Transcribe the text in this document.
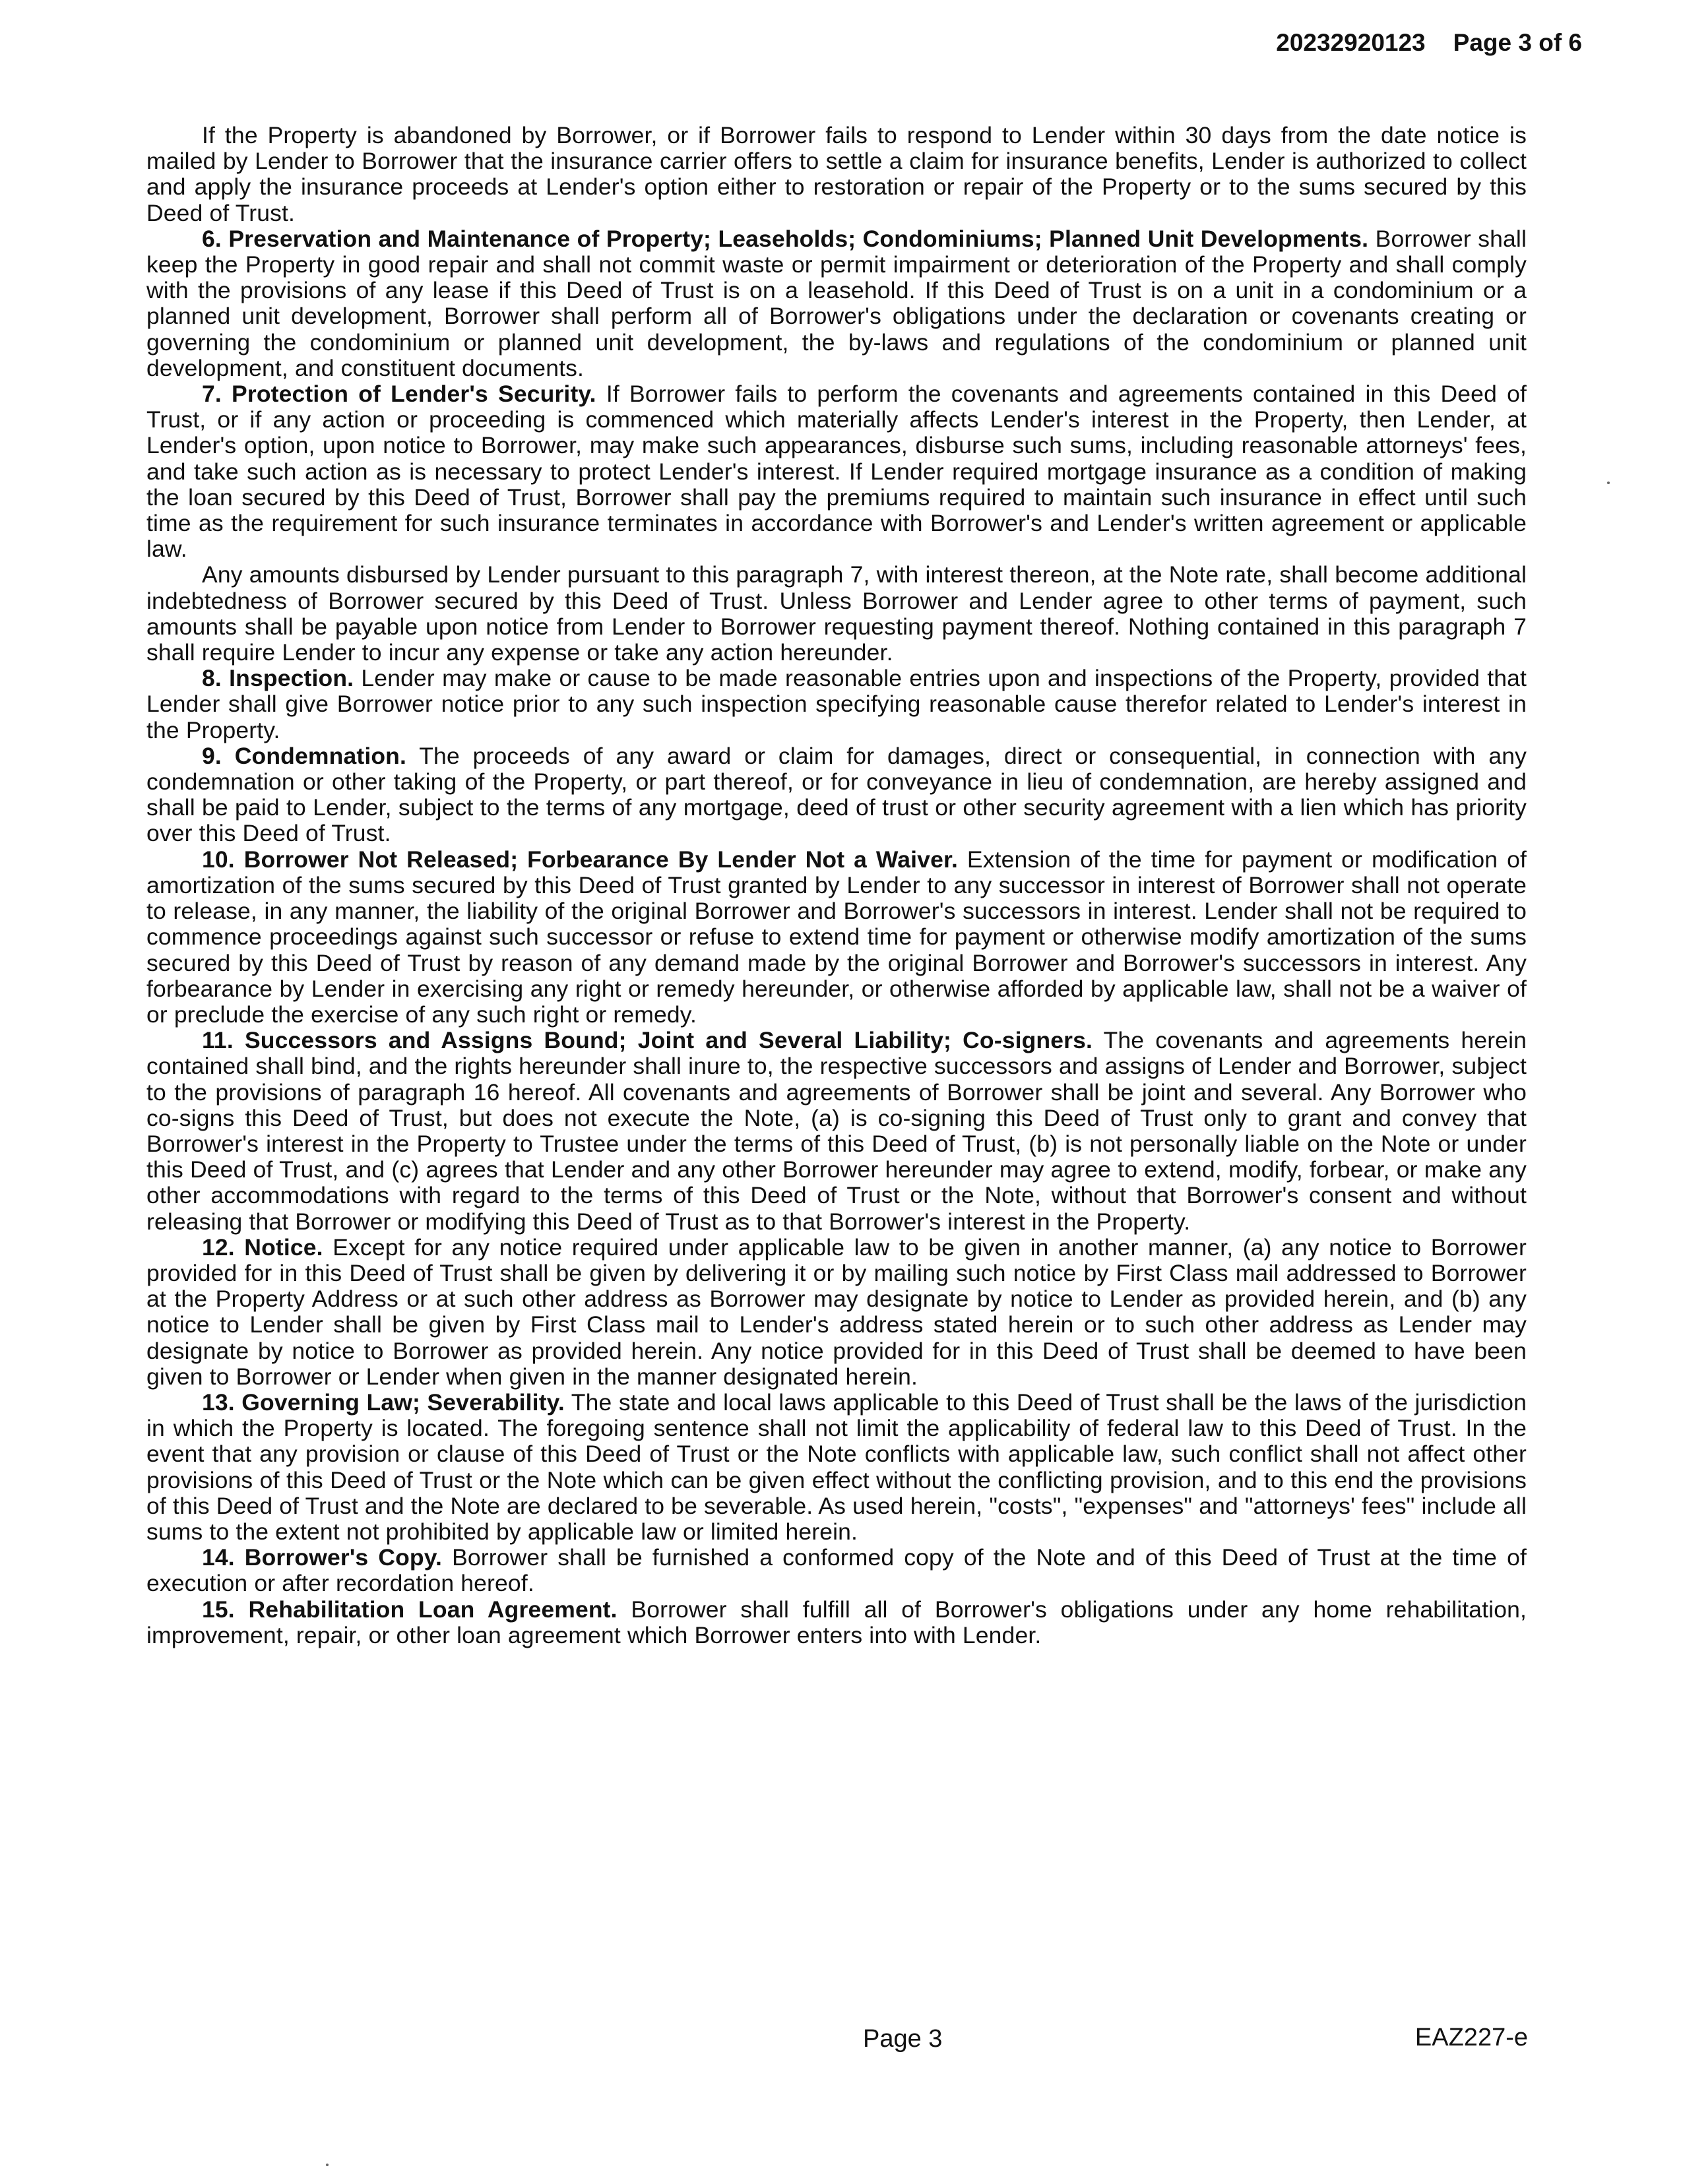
20232920123 Page 3 of 6

If the Property is abandoned by Borrower, or if Borrower fails to respond to Lender within 30 days from the date notice is mailed by Lender to Borrower that the insurance carrier offers to settle a claim for insurance benefits, Lender is authorized to collect and apply the insurance proceeds at Lender's option either to restoration or repair of the Property or to the sums secured by this Deed of Trust.

6. Preservation and Maintenance of Property; Leaseholds; Condominiums; Planned Unit Developments. Borrower shall keep the Property in good repair and shall not commit waste or permit impairment or deterioration of the Property and shall comply with the provisions of any lease if this Deed of Trust is on a leasehold. If this Deed of Trust is on a unit in a condominium or a planned unit development, Borrower shall perform all of Borrower's obligations under the declaration or covenants creating or governing the condominium or planned unit development, the by-laws and regulations of the condominium or planned unit development, and constituent documents.

7. Protection of Lender's Security. If Borrower fails to perform the covenants and agreements contained in this Deed of Trust, or if any action or proceeding is commenced which materially affects Lender's interest in the Property, then Lender, at Lender's option, upon notice to Borrower, may make such appearances, disburse such sums, including reasonable attorneys' fees, and take such action as is necessary to protect Lender's interest. If Lender required mortgage insurance as a condition of making the loan secured by this Deed of Trust, Borrower shall pay the premiums required to maintain such insurance in effect until such time as the requirement for such insurance terminates in accordance with Borrower's and Lender's written agreement or applicable law.

Any amounts disbursed by Lender pursuant to this paragraph 7, with interest thereon, at the Note rate, shall become additional indebtedness of Borrower secured by this Deed of Trust. Unless Borrower and Lender agree to other terms of payment, such amounts shall be payable upon notice from Lender to Borrower requesting payment thereof. Nothing contained in this paragraph 7 shall require Lender to incur any expense or take any action hereunder.

8. Inspection. Lender may make or cause to be made reasonable entries upon and inspections of the Property, provided that Lender shall give Borrower notice prior to any such inspection specifying reasonable cause therefor related to Lender's interest in the Property.

9. Condemnation. The proceeds of any award or claim for damages, direct or consequential, in connection with any condemnation or other taking of the Property, or part thereof, or for conveyance in lieu of condemnation, are hereby assigned and shall be paid to Lender, subject to the terms of any mortgage, deed of trust or other security agreement with a lien which has priority over this Deed of Trust.

10. Borrower Not Released; Forbearance By Lender Not a Waiver. Extension of the time for payment or modification of amortization of the sums secured by this Deed of Trust granted by Lender to any successor in interest of Borrower shall not operate to release, in any manner, the liability of the original Borrower and Borrower's successors in interest. Lender shall not be required to commence proceedings against such successor or refuse to extend time for payment or otherwise modify amortization of the sums secured by this Deed of Trust by reason of any demand made by the original Borrower and Borrower's successors in interest. Any forbearance by Lender in exercising any right or remedy hereunder, or otherwise afforded by applicable law, shall not be a waiver of or preclude the exercise of any such right or remedy.

11. Successors and Assigns Bound; Joint and Several Liability; Co-signers. The covenants and agreements herein contained shall bind, and the rights hereunder shall inure to, the respective successors and assigns of Lender and Borrower, subject to the provisions of paragraph 16 hereof. All covenants and agreements of Borrower shall be joint and several. Any Borrower who co-signs this Deed of Trust, but does not execute the Note, (a) is co-signing this Deed of Trust only to grant and convey that Borrower's interest in the Property to Trustee under the terms of this Deed of Trust, (b) is not personally liable on the Note or under this Deed of Trust, and (c) agrees that Lender and any other Borrower hereunder may agree to extend, modify, forbear, or make any other accommodations with regard to the terms of this Deed of Trust or the Note, without that Borrower's consent and without releasing that Borrower or modifying this Deed of Trust as to that Borrower's interest in the Property.

12. Notice. Except for any notice required under applicable law to be given in another manner, (a) any notice to Borrower provided for in this Deed of Trust shall be given by delivering it or by mailing such notice by First Class mail addressed to Borrower at the Property Address or at such other address as Borrower may designate by notice to Lender as provided herein, and (b) any notice to Lender shall be given by First Class mail to Lender's address stated herein or to such other address as Lender may designate by notice to Borrower as provided herein. Any notice provided for in this Deed of Trust shall be deemed to have been given to Borrower or Lender when given in the manner designated herein.

13. Governing Law; Severability. The state and local laws applicable to this Deed of Trust shall be the laws of the jurisdiction in which the Property is located. The foregoing sentence shall not limit the applicability of federal law to this Deed of Trust. In the event that any provision or clause of this Deed of Trust or the Note conflicts with applicable law, such conflict shall not affect other provisions of this Deed of Trust or the Note which can be given effect without the conflicting provision, and to this end the provisions of this Deed of Trust and the Note are declared to be severable. As used herein, "costs", "expenses" and "attorneys' fees" include all sums to the extent not prohibited by applicable law or limited herein.

14. Borrower's Copy. Borrower shall be furnished a conformed copy of the Note and of this Deed of Trust at the time of execution or after recordation hereof.

15. Rehabilitation Loan Agreement. Borrower shall fulfill all of Borrower's obligations under any home rehabilitation, improvement, repair, or other loan agreement which Borrower enters into with Lender.

Page 3	EAZ227-e
